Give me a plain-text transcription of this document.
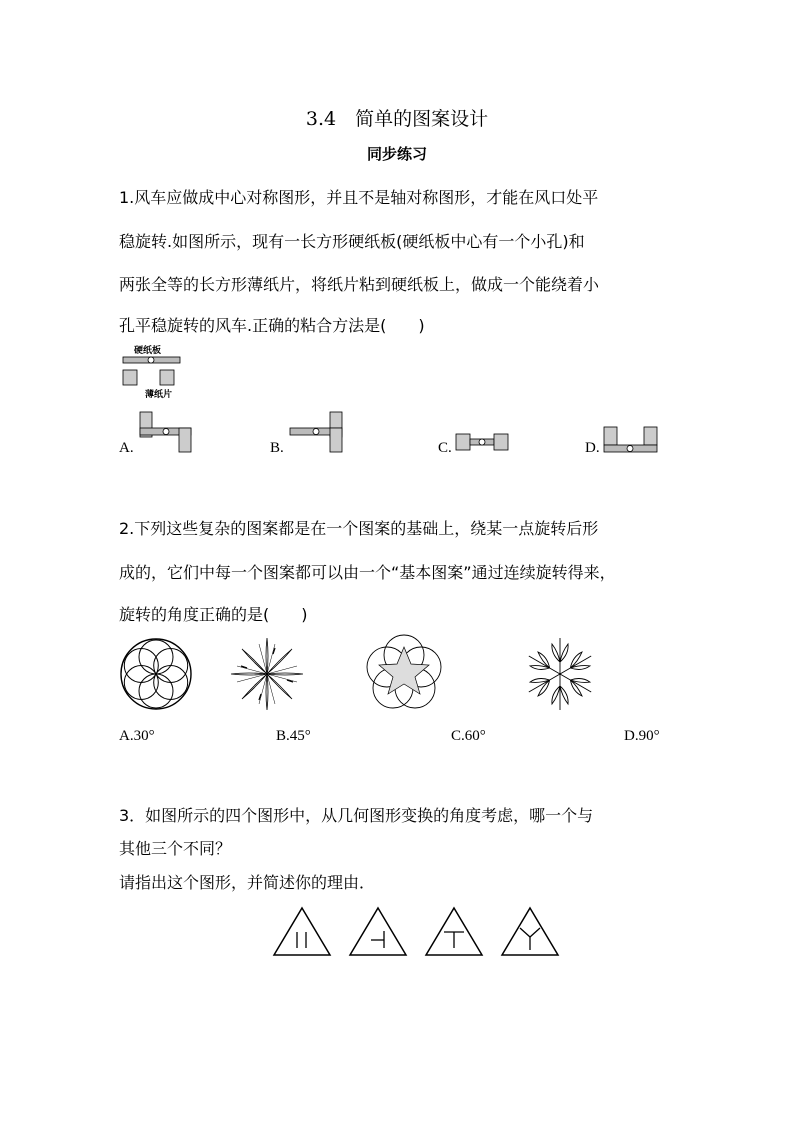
3.4　简单的图案设计
同步练习
1.风车应做成中心对称图形，并且不是轴对称图形，才能在风口处平
稳旋转.如图所示，现有一长方形硬纸板(硬纸板中心有一个小孔)和
两张全等的长方形薄纸片，将纸片粘到硬纸板上，做成一个能绕着小
孔平稳旋转的风车.正确的粘合方法是(　　)
硬纸板
薄纸片
A.	B.	C.	D.
2.下列这些复杂的图案都是在一个图案的基础上，绕某一点旋转后形
成的，它们中每一个图案都可以由一个“基本图案”通过连续旋转得来，
旋转的角度正确的是(　　)
A.30°	B.45°	C.60°	D.90°
3．如图所示的四个图形中，从几何图形变换的角度考虑，哪一个与
其他三个不同？
请指出这个图形，并简述你的理由．
